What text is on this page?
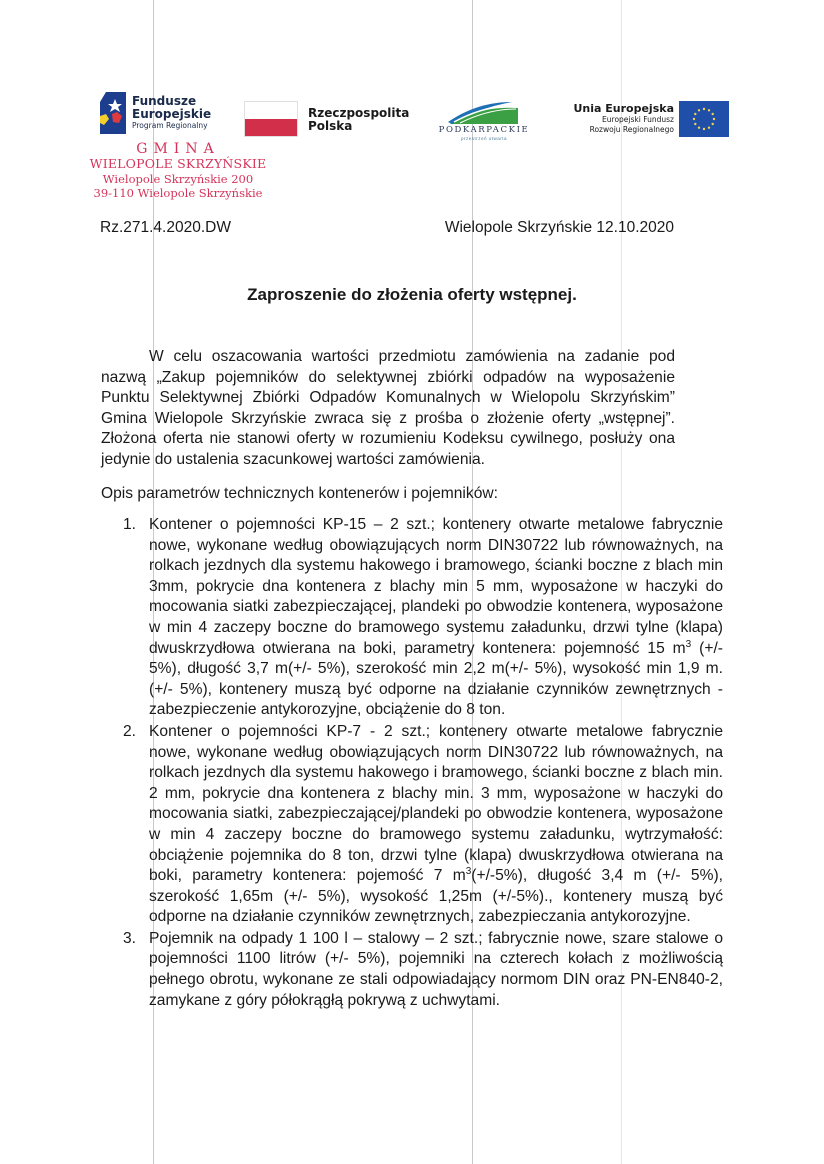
Fundusze
Europejskie
Program Regionalny
Rzeczpospolita
Polska	PODKARPACKIE
przestrzeń otwarta
Unia Europejska
Europejski Fundusz
Rozwoju Regionalnego
GMINA
WIELOPOLE SKRZYŃSKIE
Wielopole Skrzyńskie 200
39-110 Wielopole Skrzyńskie
Rz.271.4.2020.DW	Wielopole Skrzyńskie 12.10.2020
Zaproszenie do złożenia oferty wstępnej.
W celu oszacowania wartości przedmiotu zamówienia na zadanie pod nazwą „Zakup pojemników do selektywnej zbiórki odpadów na wyposażenie Punktu Selektywnej Zbiórki Odpadów Komunalnych w Wielopolu Skrzyńskim” Gmina Wielopole Skrzyńskie zwraca się z prośba o złożenie oferty „wstępnej”. Złożona oferta nie stanowi oferty w rozumieniu Kodeksu cywilnego, posłuży ona jedynie do ustalenia szacunkowej wartości zamówienia.
Opis parametrów technicznych kontenerów i pojemników:
1. Kontener o pojemności KP-15 – 2 szt.; kontenery otwarte metalowe fabrycznie nowe, wykonane według obowiązujących norm DIN30722 lub równoważnych, na rolkach jezdnych dla systemu hakowego i bramowego, ścianki boczne z blach min 3mm, pokrycie dna kontenera z blachy min 5 mm, wyposażone w haczyki do mocowania siatki zabezpieczającej, plandeki po obwodzie kontenera, wyposażone w min 4 zaczepy boczne do bramowego systemu załadunku, drzwi tylne (klapa) dwuskrzydłowa otwierana na boki, parametry kontenera: pojemność 15 $m^3$ (+/- 5%), długość 3,7 m(+/- 5%), szerokość min 2,2 m(+/- 5%), wysokość min 1,9 m. (+/- 5%), kontenery muszą być odporne na działanie czynników zewnętrznych - zabezpieczenie antykorozyjne, obciążenie do 8 ton.
2. Kontener o pojemności KP-7 - 2 szt.; kontenery otwarte metalowe fabrycznie nowe, wykonane według obowiązujących norm DIN30722 lub równoważnych, na rolkach jezdnych dla systemu hakowego i bramowego, ścianki boczne z blach min. 2 mm, pokrycie dna kontenera z blachy min. 3 mm, wyposażone w haczyki do mocowania siatki, zabezpieczającej/plandeki po obwodzie kontenera, wyposażone w min 4 zaczepy boczne do bramowego systemu załadunku, wytrzymałość: obciążenie pojemnika do 8 ton, drzwi tylne (klapa) dwuskrzydłowa otwierana na boki, parametry kontenera: pojemość 7 $m^3(+/-5\%)$, długość 3,4 m (+/- 5%), szerokość 1,65m (+/- 5%), wysokość 1,25m (+/-5%)., kontenery muszą być odporne na działanie czynników zewnętrznych, zabezpieczania antykorozyjne.
3. Pojemnik na odpady 1 100 l – stalowy – 2 szt.; fabrycznie nowe, szare stalowe o pojemności 1100 litrów (+/- 5%), pojemniki na czterech kołach z możliwością pełnego obrotu, wykonane ze stali odpowiadający normom DIN oraz PN-EN840-2, zamykane z góry półokrągłą pokrywą z uchwytami.
